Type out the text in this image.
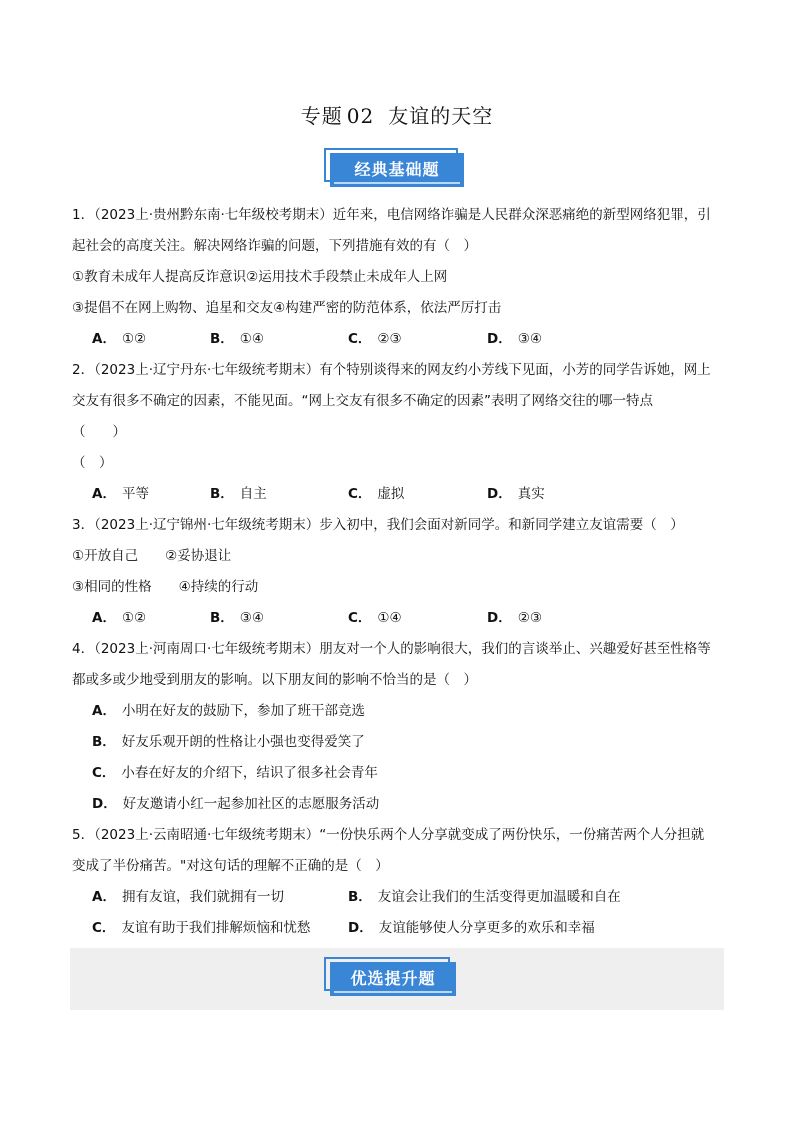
专题 02 友谊的天空
经典基础题
1．（2023上·贵州黔东南·七年级校考期末）近年来，电信网络诈骗是人民群众深恶痛绝的新型网络犯罪，引
起社会的高度关注。解决网络诈骗的问题，下列措施有效的有（　）
①教育未成年人提高反诈意识②运用技术手段禁止未成年人上网
③提倡不在网上购物、追星和交友④构建严密的防范体系，依法严厉打击
A． ①②	B． ①④	C． ②③	D． ③④
2．（2023上·辽宁丹东·七年级统考期末）有个特别谈得来的网友约小芳线下见面，小芳的同学告诉她，网上
交友有很多不确定的因素，不能见面。“网上交友有很多不确定的因素”表明了网络交往的哪一特点
（　　）
（　）
A． 平等	B． 自主	C． 虚拟	D． 真实
3．（2023上·辽宁锦州·七年级统考期末）步入初中，我们会面对新同学。和新同学建立友谊需要（　）
①开放自己　　②妥协退让
③相同的性格　　④持续的行动
A． ①②	B． ③④	C． ①④	D． ②③
4．（2023上·河南周口·七年级统考期末）朋友对一个人的影响很大，我们的言谈举止、兴趣爱好甚至性格等
都或多或少地受到朋友的影响。以下朋友间的影响不恰当的是（　）
A． 小明在好友的鼓励下，参加了班干部竞选
B． 好友乐观开朗的性格让小强也变得爱笑了
C． 小春在好友的介绍下，结识了很多社会青年
D． 好友邀请小红一起参加社区的志愿服务活动
5．（2023上·云南昭通·七年级统考期末）“一份快乐两个人分享就变成了两份快乐，一份痛苦两个人分担就
变成了半份痛苦。"对这句话的理解不正确的是（　）
A． 拥有友谊，我们就拥有一切	B． 友谊会让我们的生活变得更加温暖和自在
C． 友谊有助于我们排解烦恼和忧愁	D． 友谊能够使人分享更多的欢乐和幸福
优选提升题
